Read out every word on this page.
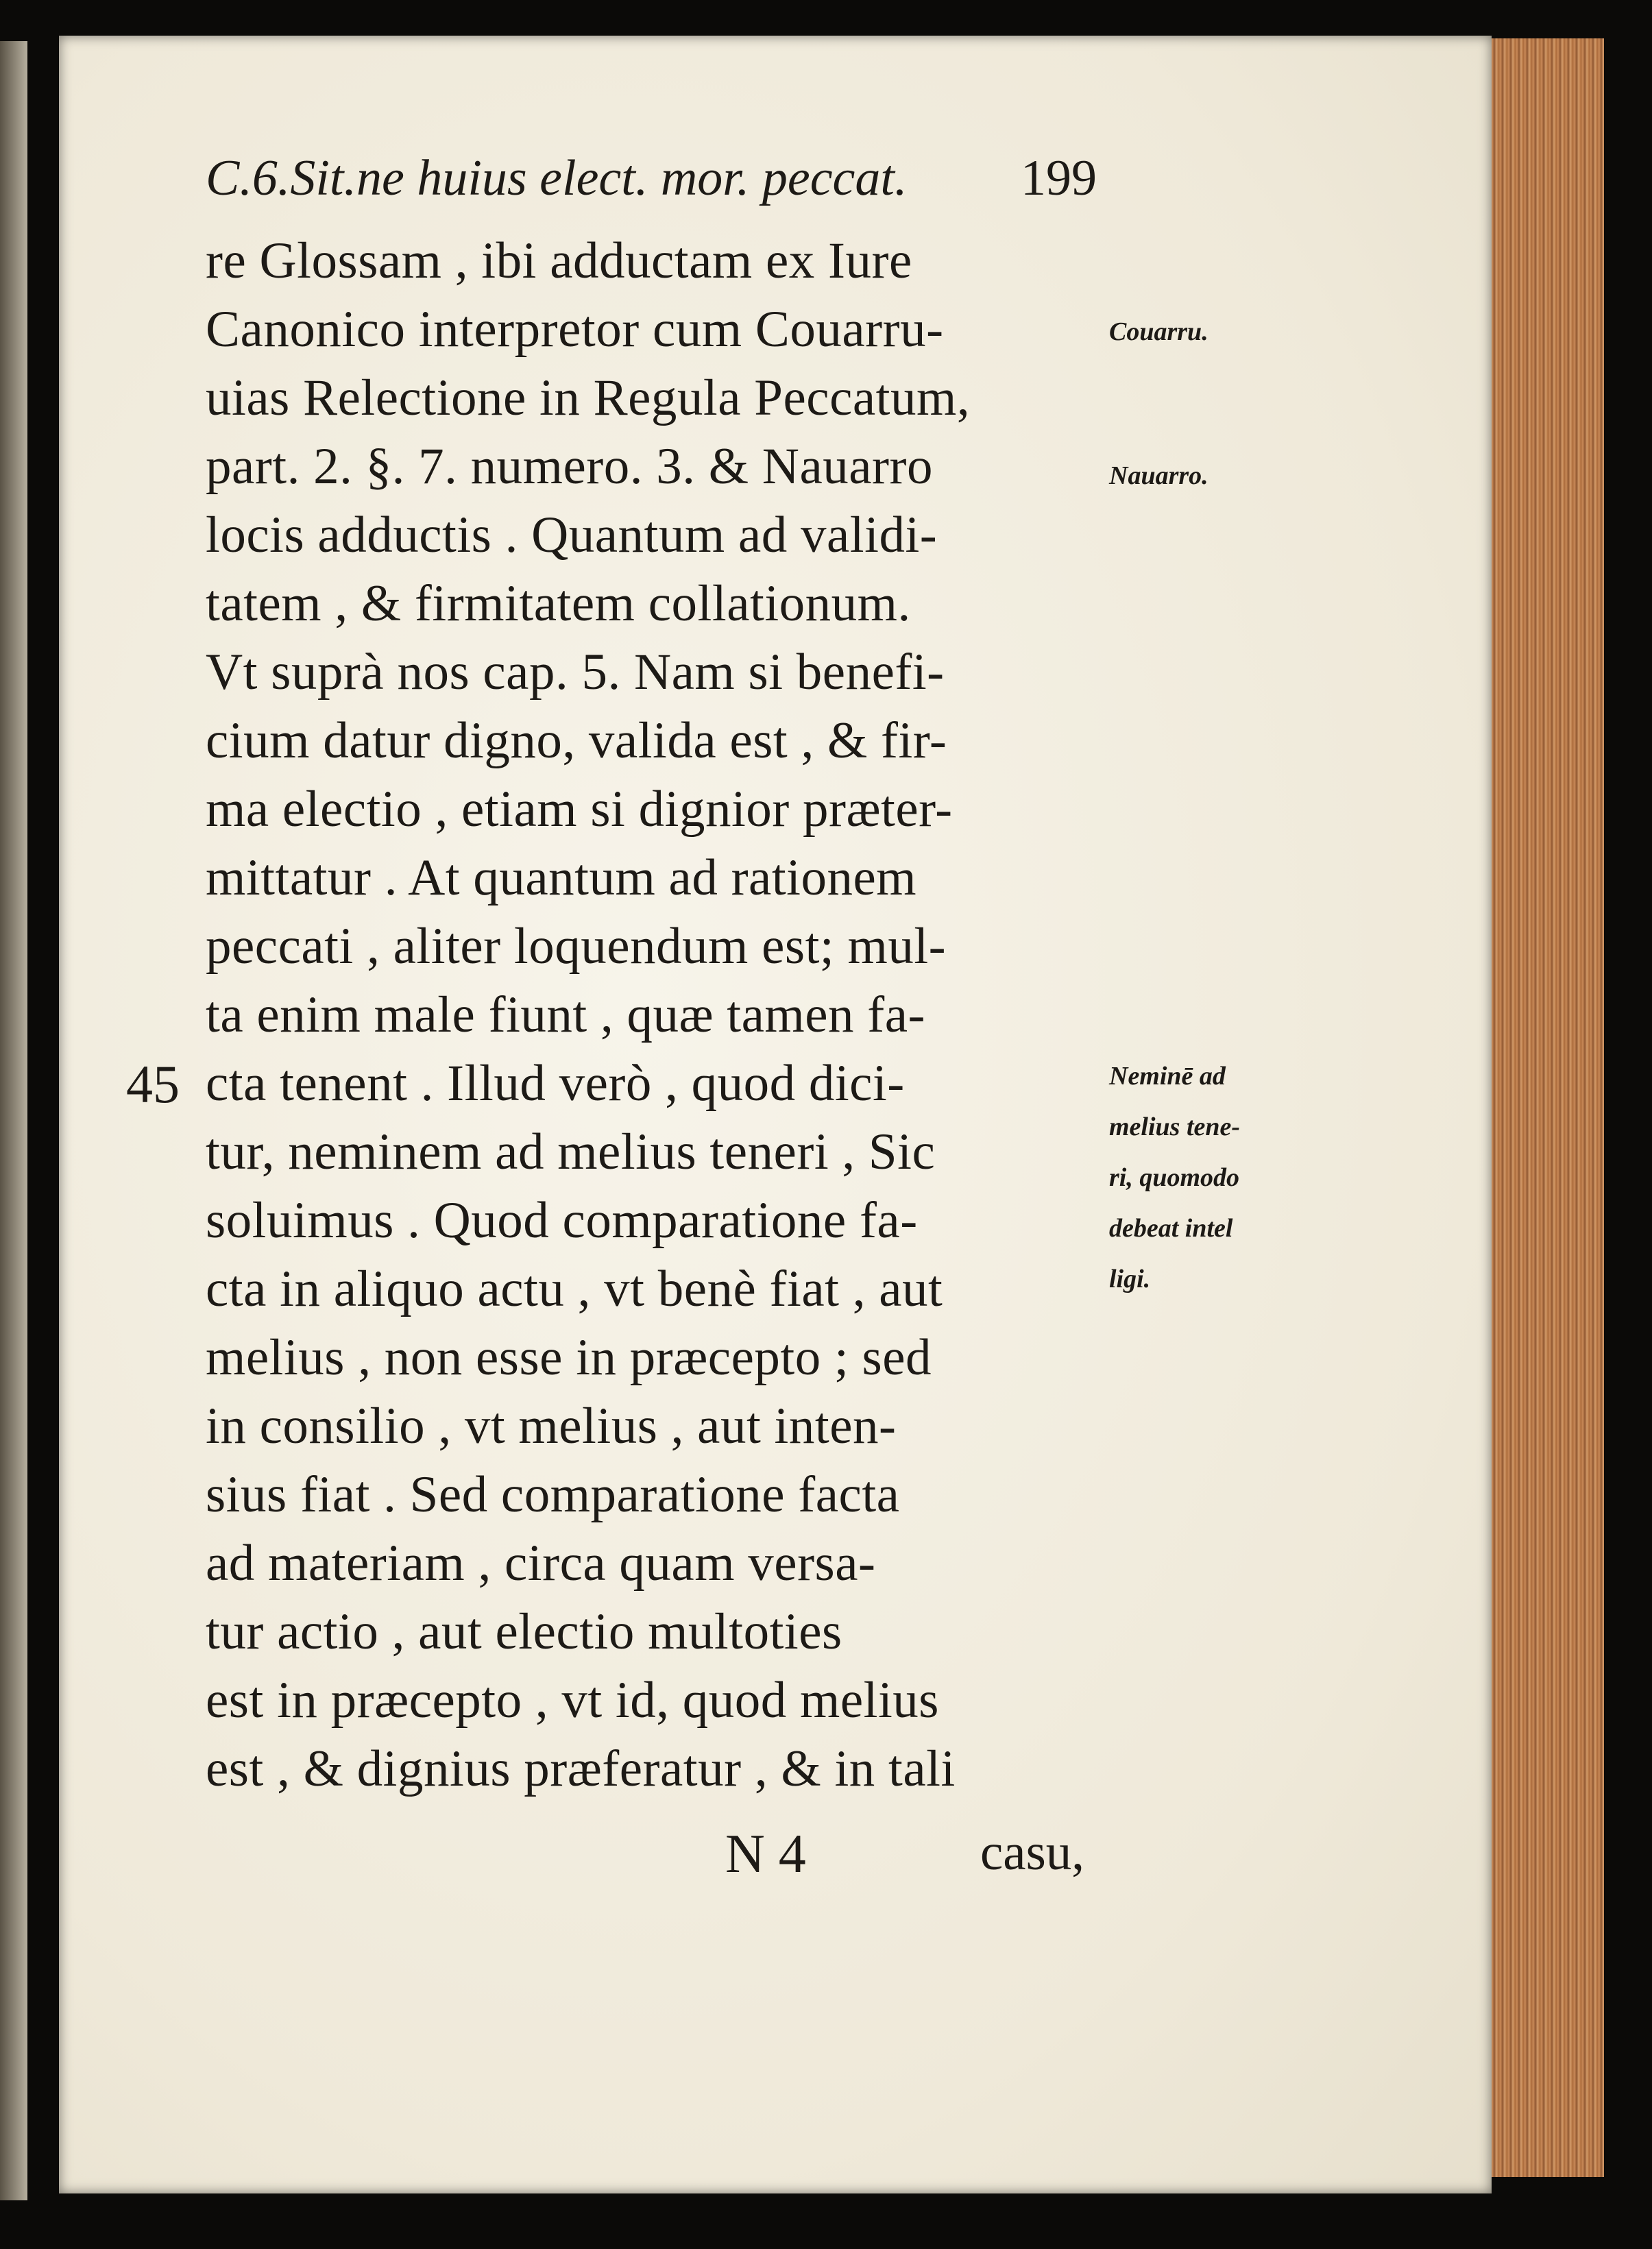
C.6.Sit.ne huius elect. mor. peccat. 199
re Glossam , ibi adductam ex Iure
Canonico interpretor cum Couarru-
uias Relectione in Regula Peccatum,
part. 2. §. 7. numero. 3. & Nauarro
locis adductis . Quantum ad validi-
tatem , & firmitatem collationum.
Vt suprà nos cap. 5. Nam si benefi-
cium datur digno, valida est , & fir-
ma electio , etiam si dignior præter-
mittatur . At quantum ad rationem
peccati , aliter loquendum est; mul-
ta enim male fiunt , quæ tamen fa-
cta tenent . Illud verò , quod dici-
tur, neminem ad melius teneri , Sic
soluimus . Quod comparatione fa-
cta in aliquo actu , vt benè fiat , aut
melius , non esse in præcepto ; sed
in consilio , vt melius , aut inten-
sius fiat . Sed comparatione facta
ad materiam , circa quam versa-
tur actio , aut electio multoties
est in præcepto , vt id, quod melius
est , & dignius præferatur , & in tali
45
Couarru.
Nauarro.
Neminē ad
melius tene-
ri, quomodo
debeat intel
ligi.
N 4	casu,
